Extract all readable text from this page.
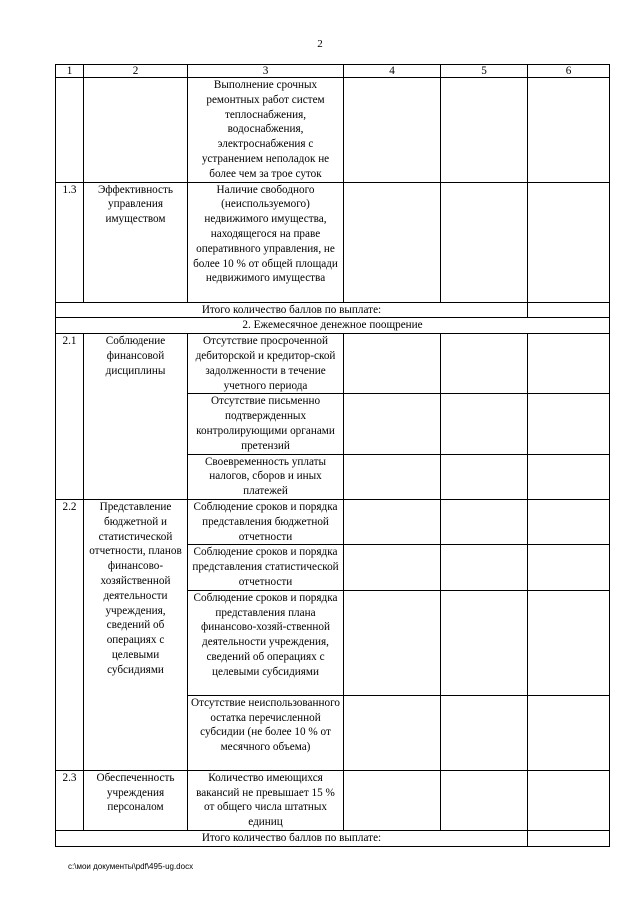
2
1	2	3	4	5	6
		Выполнение срочных ремонтных работ систем теплоснабжения, водоснабжения, электроснабжения с устранением неполадок не более чем за трое суток			
1.3	Эффективность управления имуществом	Наличие свободного (неиспользуемого) недвижимого имущества, находящегося на праве оперативного управления, не более 10 % от общей площади недвижимого имущества			
Итого количество баллов по выплате:					
2. Ежемесячное денежное поощрение					
2.1	Соблюдение финансовой дисциплины	Отсутствие просроченной дебиторской и кредитор-ской задолженности в течение учетного периода			
		Отсутствие письменно подтвержденных контролирующими органами претензий			
		Своевременность уплаты налогов, сборов и иных платежей			
2.2	Представление бюджетной и статистической отчетности, планов финансово-хозяйственной деятельности учреждения, сведений об операциях с целевыми субсидиями	Соблюдение сроков и порядка представления бюджетной отчетности			
		Соблюдение сроков и порядка представления статистической отчетности			
		Соблюдение сроков и порядка представления плана финансово-хозяй-ственной деятельности учреждения, сведений об операциях с целевыми субсидиями			
		Отсутствие неиспользованного остатка перечисленной субсидии (не более 10 % от месячного объема)			
2.3	Обеспеченность учреждения персоналом	Количество имеющихся вакансий не превышает 15 % от общего числа штатных единиц			
Итого количество баллов по выплате:					
c:\мои документы\pdf\495-ug.docx
